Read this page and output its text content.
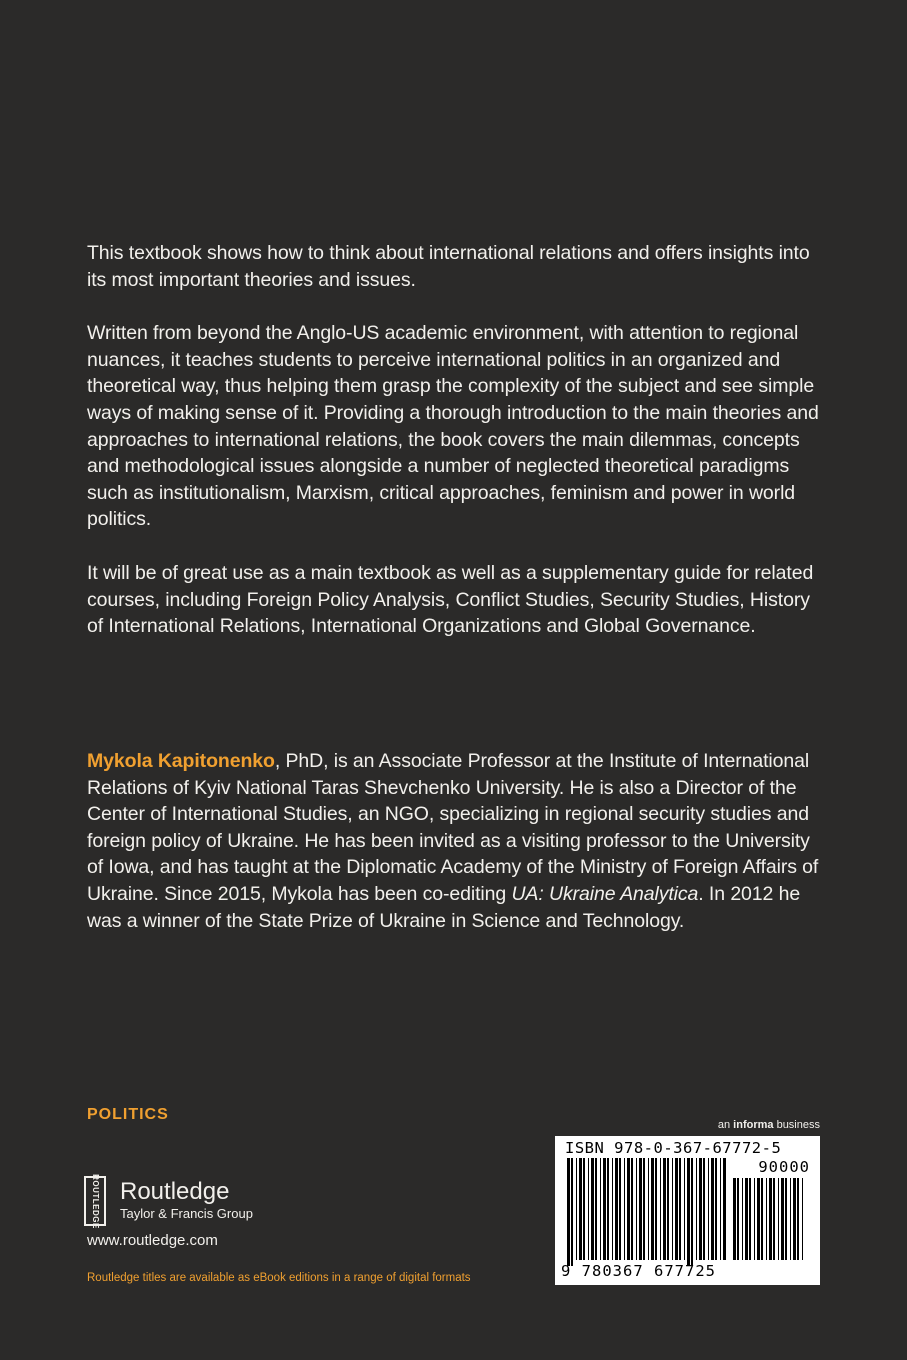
This textbook shows how to think about international relations and offers insights into its most important theories and issues.

Written from beyond the Anglo-US academic environment, with attention to regional nuances, it teaches students to perceive international politics in an organized and theoretical way, thus helping them grasp the complexity of the subject and see simple ways of making sense of it. Providing a thorough introduction to the main theories and approaches to international relations, the book covers the main dilemmas, concepts and methodological issues alongside a number of neglected theoretical paradigms such as institutionalism, Marxism, critical approaches, feminism and power in world politics.

It will be of great use as a main textbook as well as a supplementary guide for related courses, including Foreign Policy Analysis, Conflict Studies, Security Studies, History of International Relations, International Organizations and Global Governance.

Mykola Kapitonenko, PhD, is an Associate Professor at the Institute of International Relations of Kyiv National Taras Shevchenko University. He is also a Director of the Center of International Studies, an NGO, specializing in regional security studies and foreign policy of Ukraine. He has been invited as a visiting professor to the University of Iowa, and has taught at the Diplomatic Academy of the Ministry of Foreign Affairs of Ukraine. Since 2015, Mykola has been co-editing UA: Ukraine Analytica. In 2012 he was a winner of the State Prize of Ukraine in Science and Technology.

POLITICS
ROUTLEDGE Routledge
Taylor & Francis Group
www.routledge.com
Routledge titles are available as eBook editions in a range of digital formats
an informa business
ISBN 978-0-367-67772-5
90000
9 780367 677725
